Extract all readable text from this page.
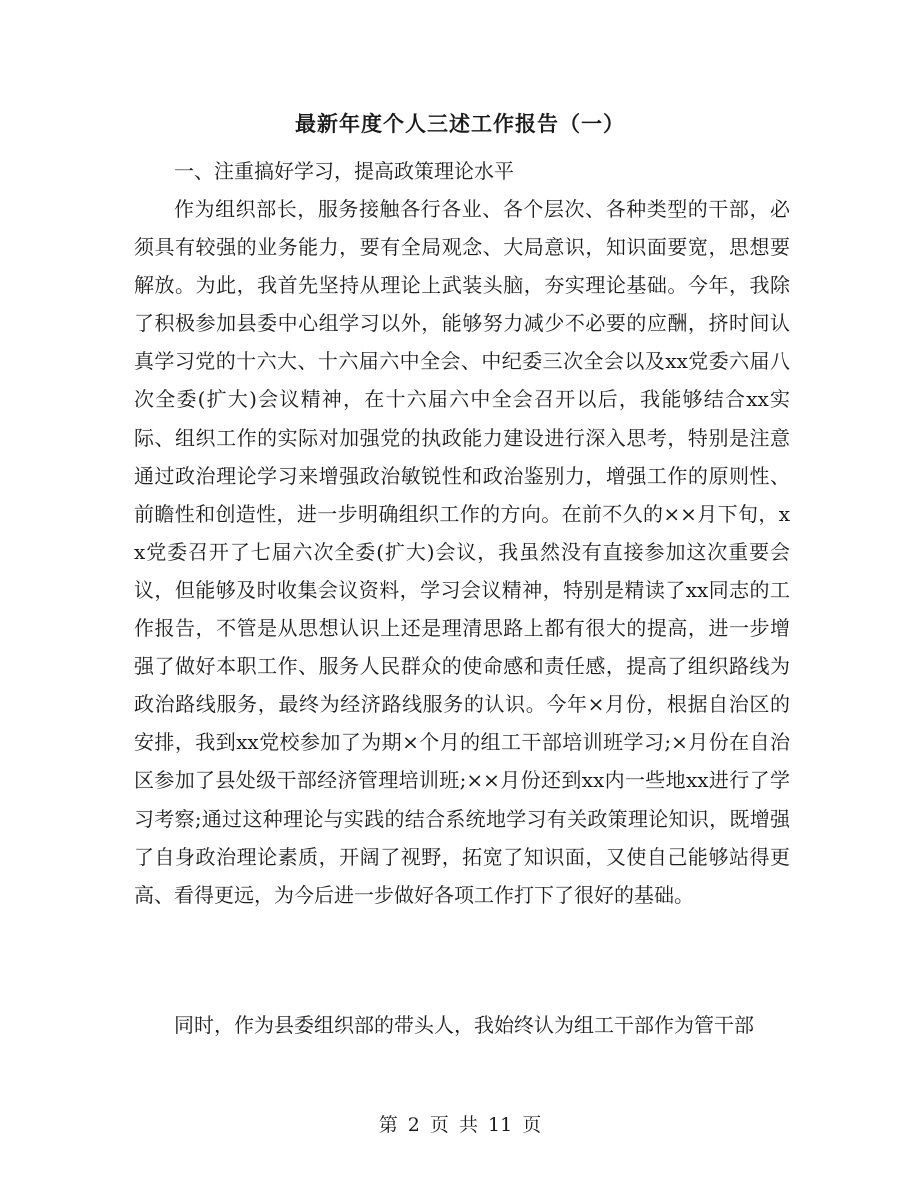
最新年度个人三述工作报告（一）

一、注重搞好学习，提高政策理论水平

作为组织部长，服务接触各行各业、各个层次、各种类型的干部，必须具有较强的业务能力，要有全局观念、大局意识，知识面要宽，思想要解放。为此，我首先坚持从理论上武装头脑，夯实理论基础。今年，我除了积极参加县委中心组学习以外，能够努力减少不必要的应酬，挤时间认真学习党的十六大、十六届六中全会、中纪委三次全会以及xx党委六届八次全委(扩大)会议精神，在十六届六中全会召开以后，我能够结合xx实际、组织工作的实际对加强党的执政能力建设进行深入思考，特别是注意通过政治理论学习来增强政治敏锐性和政治鉴别力，增强工作的原则性、前瞻性和创造性，进一步明确组织工作的方向。在前不久的××月下旬，xx党委召开了七届六次全委(扩大)会议，我虽然没有直接参加这次重要会议，但能够及时收集会议资料，学习会议精神，特别是精读了xx同志的工作报告，不管是从思想认识上还是理清思路上都有很大的提高，进一步增强了做好本职工作、服务人民群众的使命感和责任感，提高了组织路线为政治路线服务，最终为经济路线服务的认识。今年×月份，根据自治区的安排，我到xx党校参加了为期×个月的组工干部培训班学习;×月份在自治区参加了县处级干部经济管理培训班;××月份还到xx内一些地xx进行了学习考察;通过这种理论与实践的结合系统地学习有关政策理论知识，既增强了自身政治理论素质，开阔了视野，拓宽了知识面，又使自己能够站得更高、看得更远，为今后进一步做好各项工作打下了很好的基础。

同时，作为县委组织部的带头人，我始终认为组工干部作为管干部

第 2 页 共 11 页
